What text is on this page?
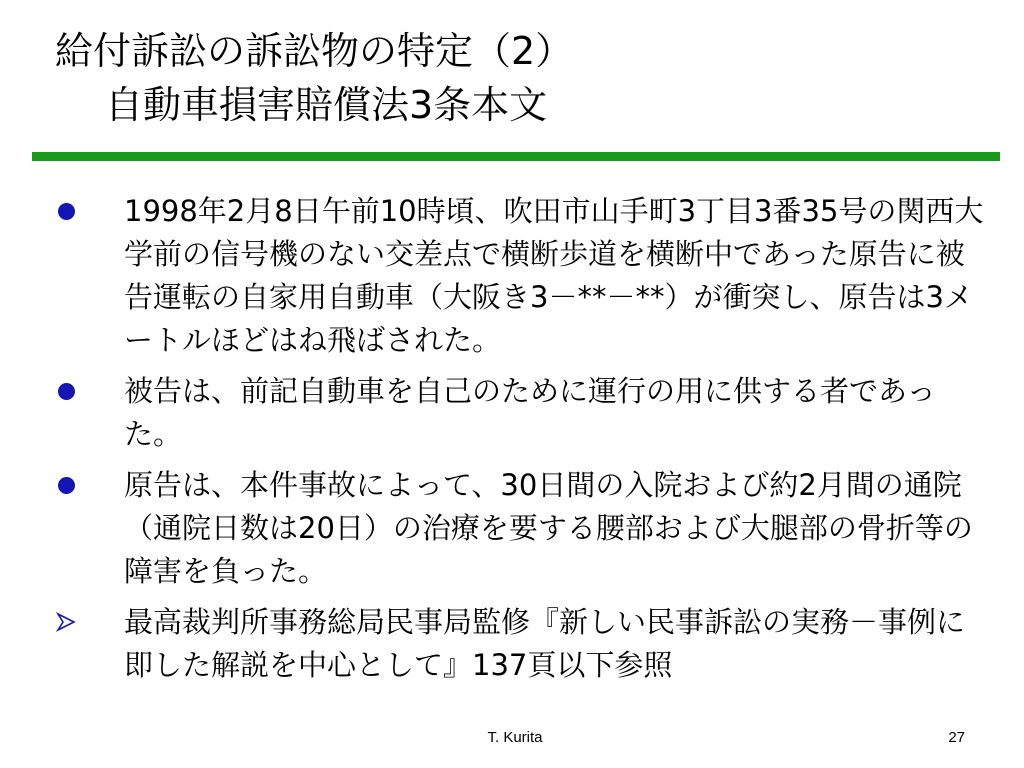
給付訴訟の訴訟物の特定（2）
自動車損害賠償法3条本文
1998年2月8日午前10時頃、吹田市山手町3丁目3番35号の関西大学前の信号機のない交差点で横断歩道を横断中であった原告に被告運転の自家用自動車（大阪き3－**－**）が衝突し、原告は3メートルほどはね飛ばされた。
被告は、前記自動車を自己のために運行の用に供する者であった。
原告は、本件事故によって、30日間の入院および約2月間の通院（通院日数は20日）の治療を要する腰部および大腿部の骨折等の障害を負った。
最高裁判所事務総局民事局監修『新しい民事訴訟の実務－事例に即した解説を中心として』137頁以下参照
T. Kurita	27
